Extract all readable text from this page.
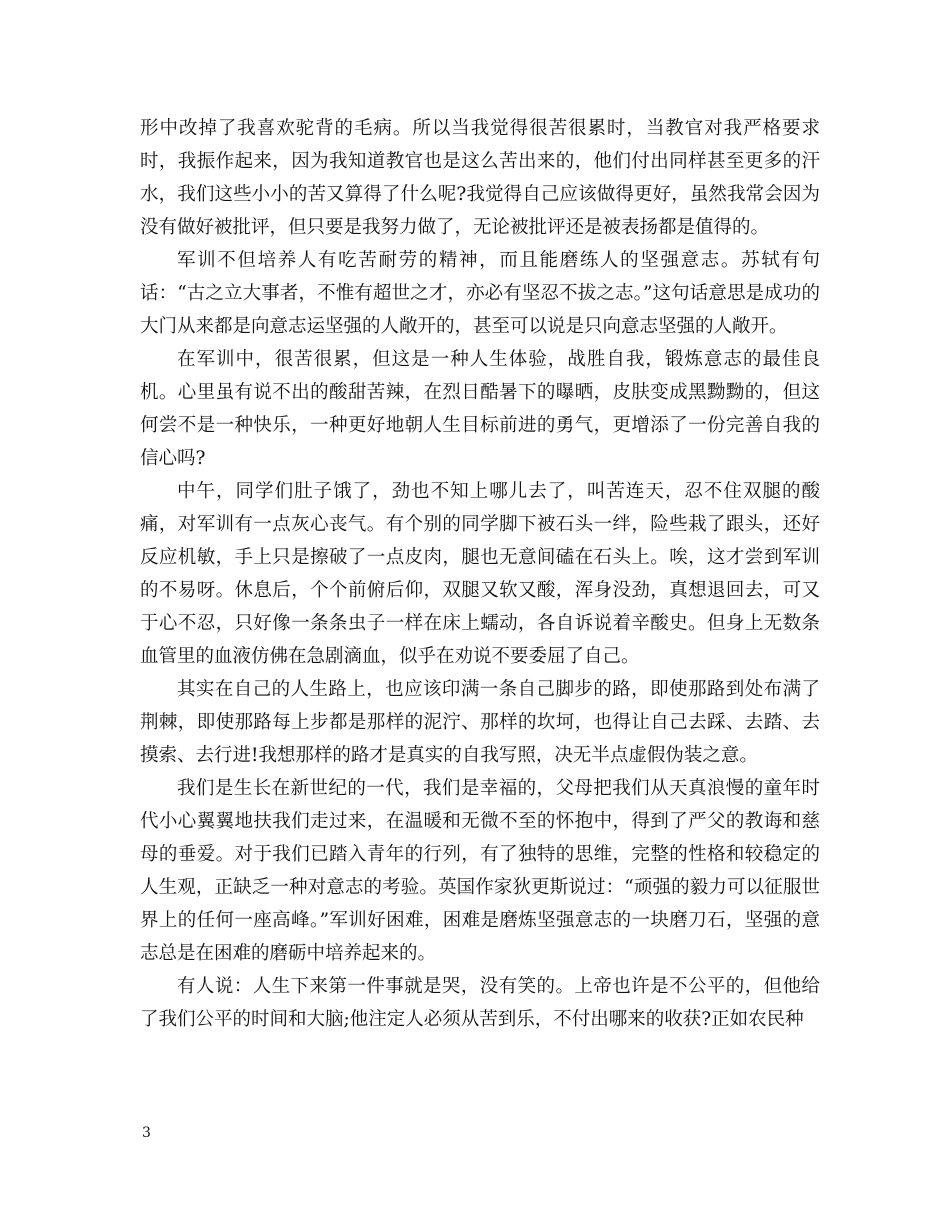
形中改掉了我喜欢驼背的毛病。所以当我觉得很苦很累时，当教官对我严格要求时，我振作起来，因为我知道教官也是这么苦出来的，他们付出同样甚至更多的汗水，我们这些小小的苦又算得了什么呢?我觉得自己应该做得更好，虽然我常会因为没有做好被批评，但只要是我努力做了，无论被批评还是被表扬都是值得的。

军训不但培养人有吃苦耐劳的精神，而且能磨练人的坚强意志。苏轼有句话：“古之立大事者，不惟有超世之才，亦必有坚忍不拔之志。”这句话意思是成功的大门从来都是向意志运坚强的人敞开的，甚至可以说是只向意志坚强的人敞开。

在军训中，很苦很累，但这是一种人生体验，战胜自我，锻炼意志的最佳良机。心里虽有说不出的酸甜苦辣，在烈日酷暑下的曝晒，皮肤变成黑黝黝的，但这何尝不是一种快乐，一种更好地朝人生目标前进的勇气，更增添了一份完善自我的信心吗?

中午，同学们肚子饿了，劲也不知上哪儿去了，叫苦连天，忍不住双腿的酸痛，对军训有一点灰心丧气。有个别的同学脚下被石头一绊，险些栽了跟头，还好反应机敏，手上只是擦破了一点皮肉，腿也无意间磕在石头上。唉，这才尝到军训的不易呀。休息后，个个前俯后仰，双腿又软又酸，浑身没劲，真想退回去，可又于心不忍，只好像一条条虫子一样在床上蠕动，各自诉说着辛酸史。但身上无数条血管里的血液仿佛在急剧滴血，似乎在劝说不要委屈了自己。

其实在自己的人生路上，也应该印满一条自己脚步的路，即使那路到处布满了荆棘，即使那路每上步都是那样的泥泞、那样的坎坷，也得让自己去踩、去踏、去摸索、去行进!我想那样的路才是真实的自我写照，决无半点虚假伪装之意。

我们是生长在新世纪的一代，我们是幸福的，父母把我们从天真浪慢的童年时代小心翼翼地扶我们走过来，在温暖和无微不至的怀抱中，得到了严父的教诲和慈母的垂爱。对于我们已踏入青年的行列，有了独特的思维，完整的性格和较稳定的人生观，正缺乏一种对意志的考验。英国作家狄更斯说过：“顽强的毅力可以征服世界上的任何一座高峰。”军训好困难，困难是磨炼坚强意志的一块磨刀石，坚强的意志总是在困难的磨砺中培养起来的。

有人说：人生下来第一件事就是哭，没有笑的。上帝也许是不公平的，但他给了我们公平的时间和大脑;他注定人必须从苦到乐，不付出哪来的收获?正如农民种

3
